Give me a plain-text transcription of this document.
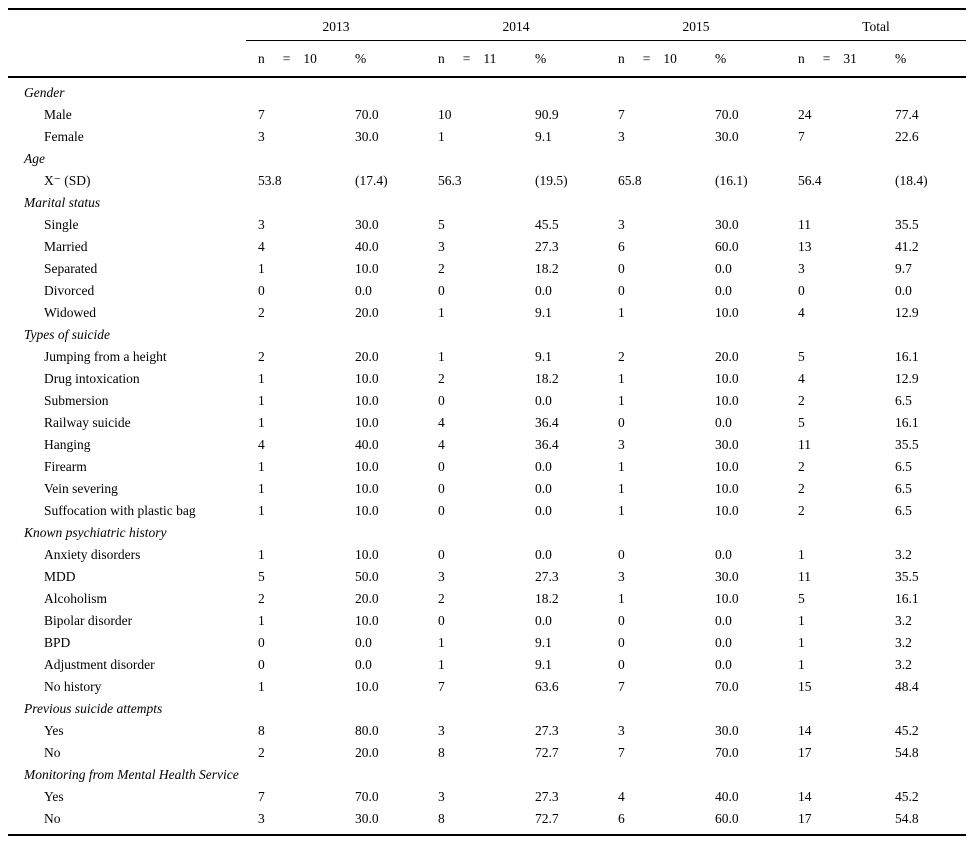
2013	2014	2015	Total
n = 10	%	n = 11	%	n = 10	%	n = 31	%
Gender
Male	7	70.0	10	90.9	7	70.0	24	77.4
Female	3	30.0	1	9.1	3	30.0	7	22.6
Age
X⁻ (SD)	53.8	(17.4)	56.3	(19.5)	65.8	(16.1)	56.4	(18.4)
Marital status
Single	3	30.0	5	45.5	3	30.0	11	35.5
Married	4	40.0	3	27.3	6	60.0	13	41.2
Separated	1	10.0	2	18.2	0	0.0	3	9.7
Divorced	0	0.0	0	0.0	0	0.0	0	0.0
Widowed	2	20.0	1	9.1	1	10.0	4	12.9
Types of suicide
Jumping from a height	2	20.0	1	9.1	2	20.0	5	16.1
Drug intoxication	1	10.0	2	18.2	1	10.0	4	12.9
Submersion	1	10.0	0	0.0	1	10.0	2	6.5
Railway suicide	1	10.0	4	36.4	0	0.0	5	16.1
Hanging	4	40.0	4	36.4	3	30.0	11	35.5
Firearm	1	10.0	0	0.0	1	10.0	2	6.5
Vein severing	1	10.0	0	0.0	1	10.0	2	6.5
Suffocation with plastic bag	1	10.0	0	0.0	1	10.0	2	6.5
Known psychiatric history
Anxiety disorders	1	10.0	0	0.0	0	0.0	1	3.2
MDD	5	50.0	3	27.3	3	30.0	11	35.5
Alcoholism	2	20.0	2	18.2	1	10.0	5	16.1
Bipolar disorder	1	10.0	0	0.0	0	0.0	1	3.2
BPD	0	0.0	1	9.1	0	0.0	1	3.2
Adjustment disorder	0	0.0	1	9.1	0	0.0	1	3.2
No history	1	10.0	7	63.6	7	70.0	15	48.4
Previous suicide attempts
Yes	8	80.0	3	27.3	3	30.0	14	45.2
No	2	20.0	8	72.7	7	70.0	17	54.8
Monitoring from Mental Health Service
Yes	7	70.0	3	27.3	4	40.0	14	45.2
No	3	30.0	8	72.7	6	60.0	17	54.8
